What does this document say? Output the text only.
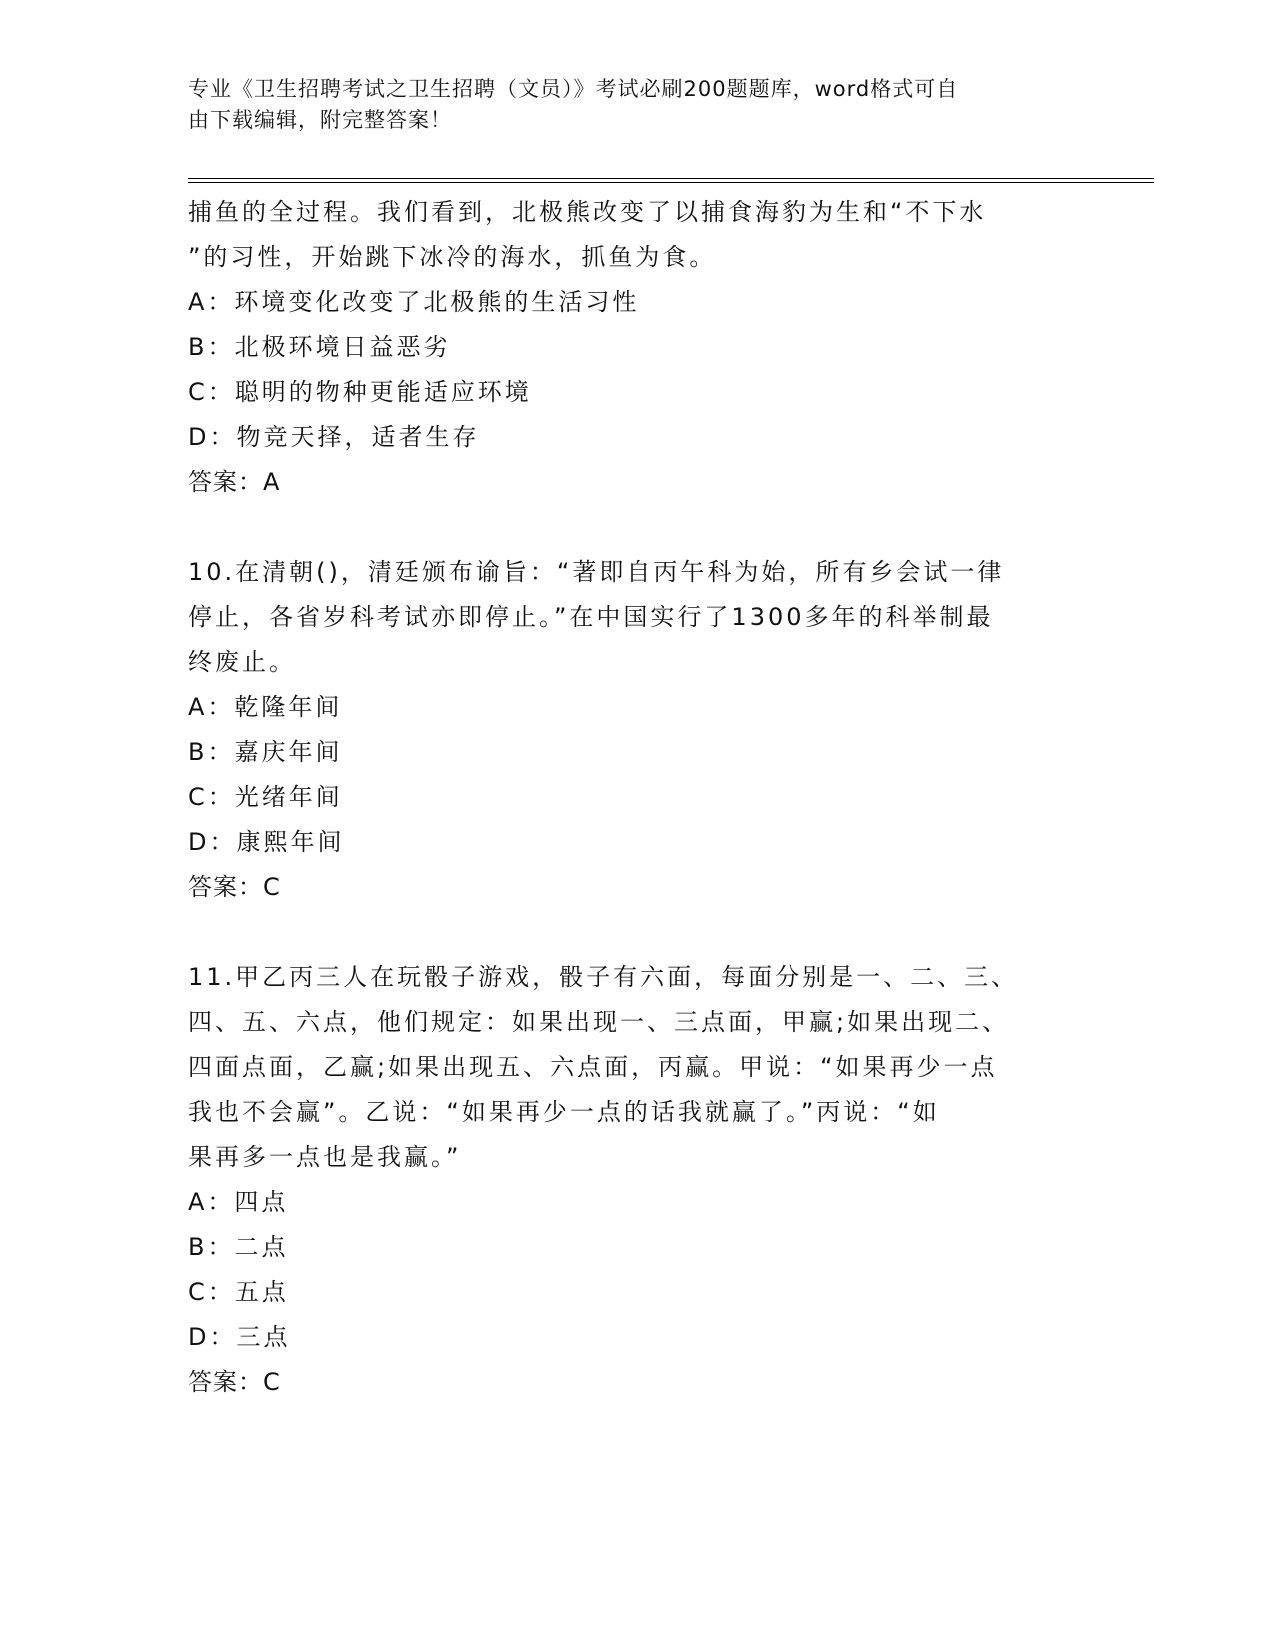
专业《卫生招聘考试之卫生招聘（文员）》考试必刷200题题库，word格式可自
由下载编辑，附完整答案！

捕鱼的全过程。我们看到，北极熊改变了以捕食海豹为生和“不下水

”的习性，开始跳下冰冷的海水，抓鱼为食。

A：环境变化改变了北极熊的生活习性

B：北极环境日益恶劣

C：聪明的物种更能适应环境

D：物竞天择，适者生存

答案：A

10.在清朝()，清廷颁布谕旨：“著即自丙午科为始，所有乡会试一律

停止，各省岁科考试亦即停止。”在中国实行了1300多年的科举制最

终废止。

A：乾隆年间

B：嘉庆年间

C：光绪年间

D：康熙年间

答案：C

11.甲乙丙三人在玩骰子游戏，骰子有六面，每面分别是一、二、三、

四、五、六点，他们规定：如果出现一、三点面，甲赢;如果出现二、

四面点面，乙赢;如果出现五、六点面，丙赢。甲说：“如果再少一点

我也不会赢”。乙说：“如果再少一点的话我就赢了。”丙说：“如

果再多一点也是我赢。”

A：四点

B：二点

C：五点

D：三点

答案：C
